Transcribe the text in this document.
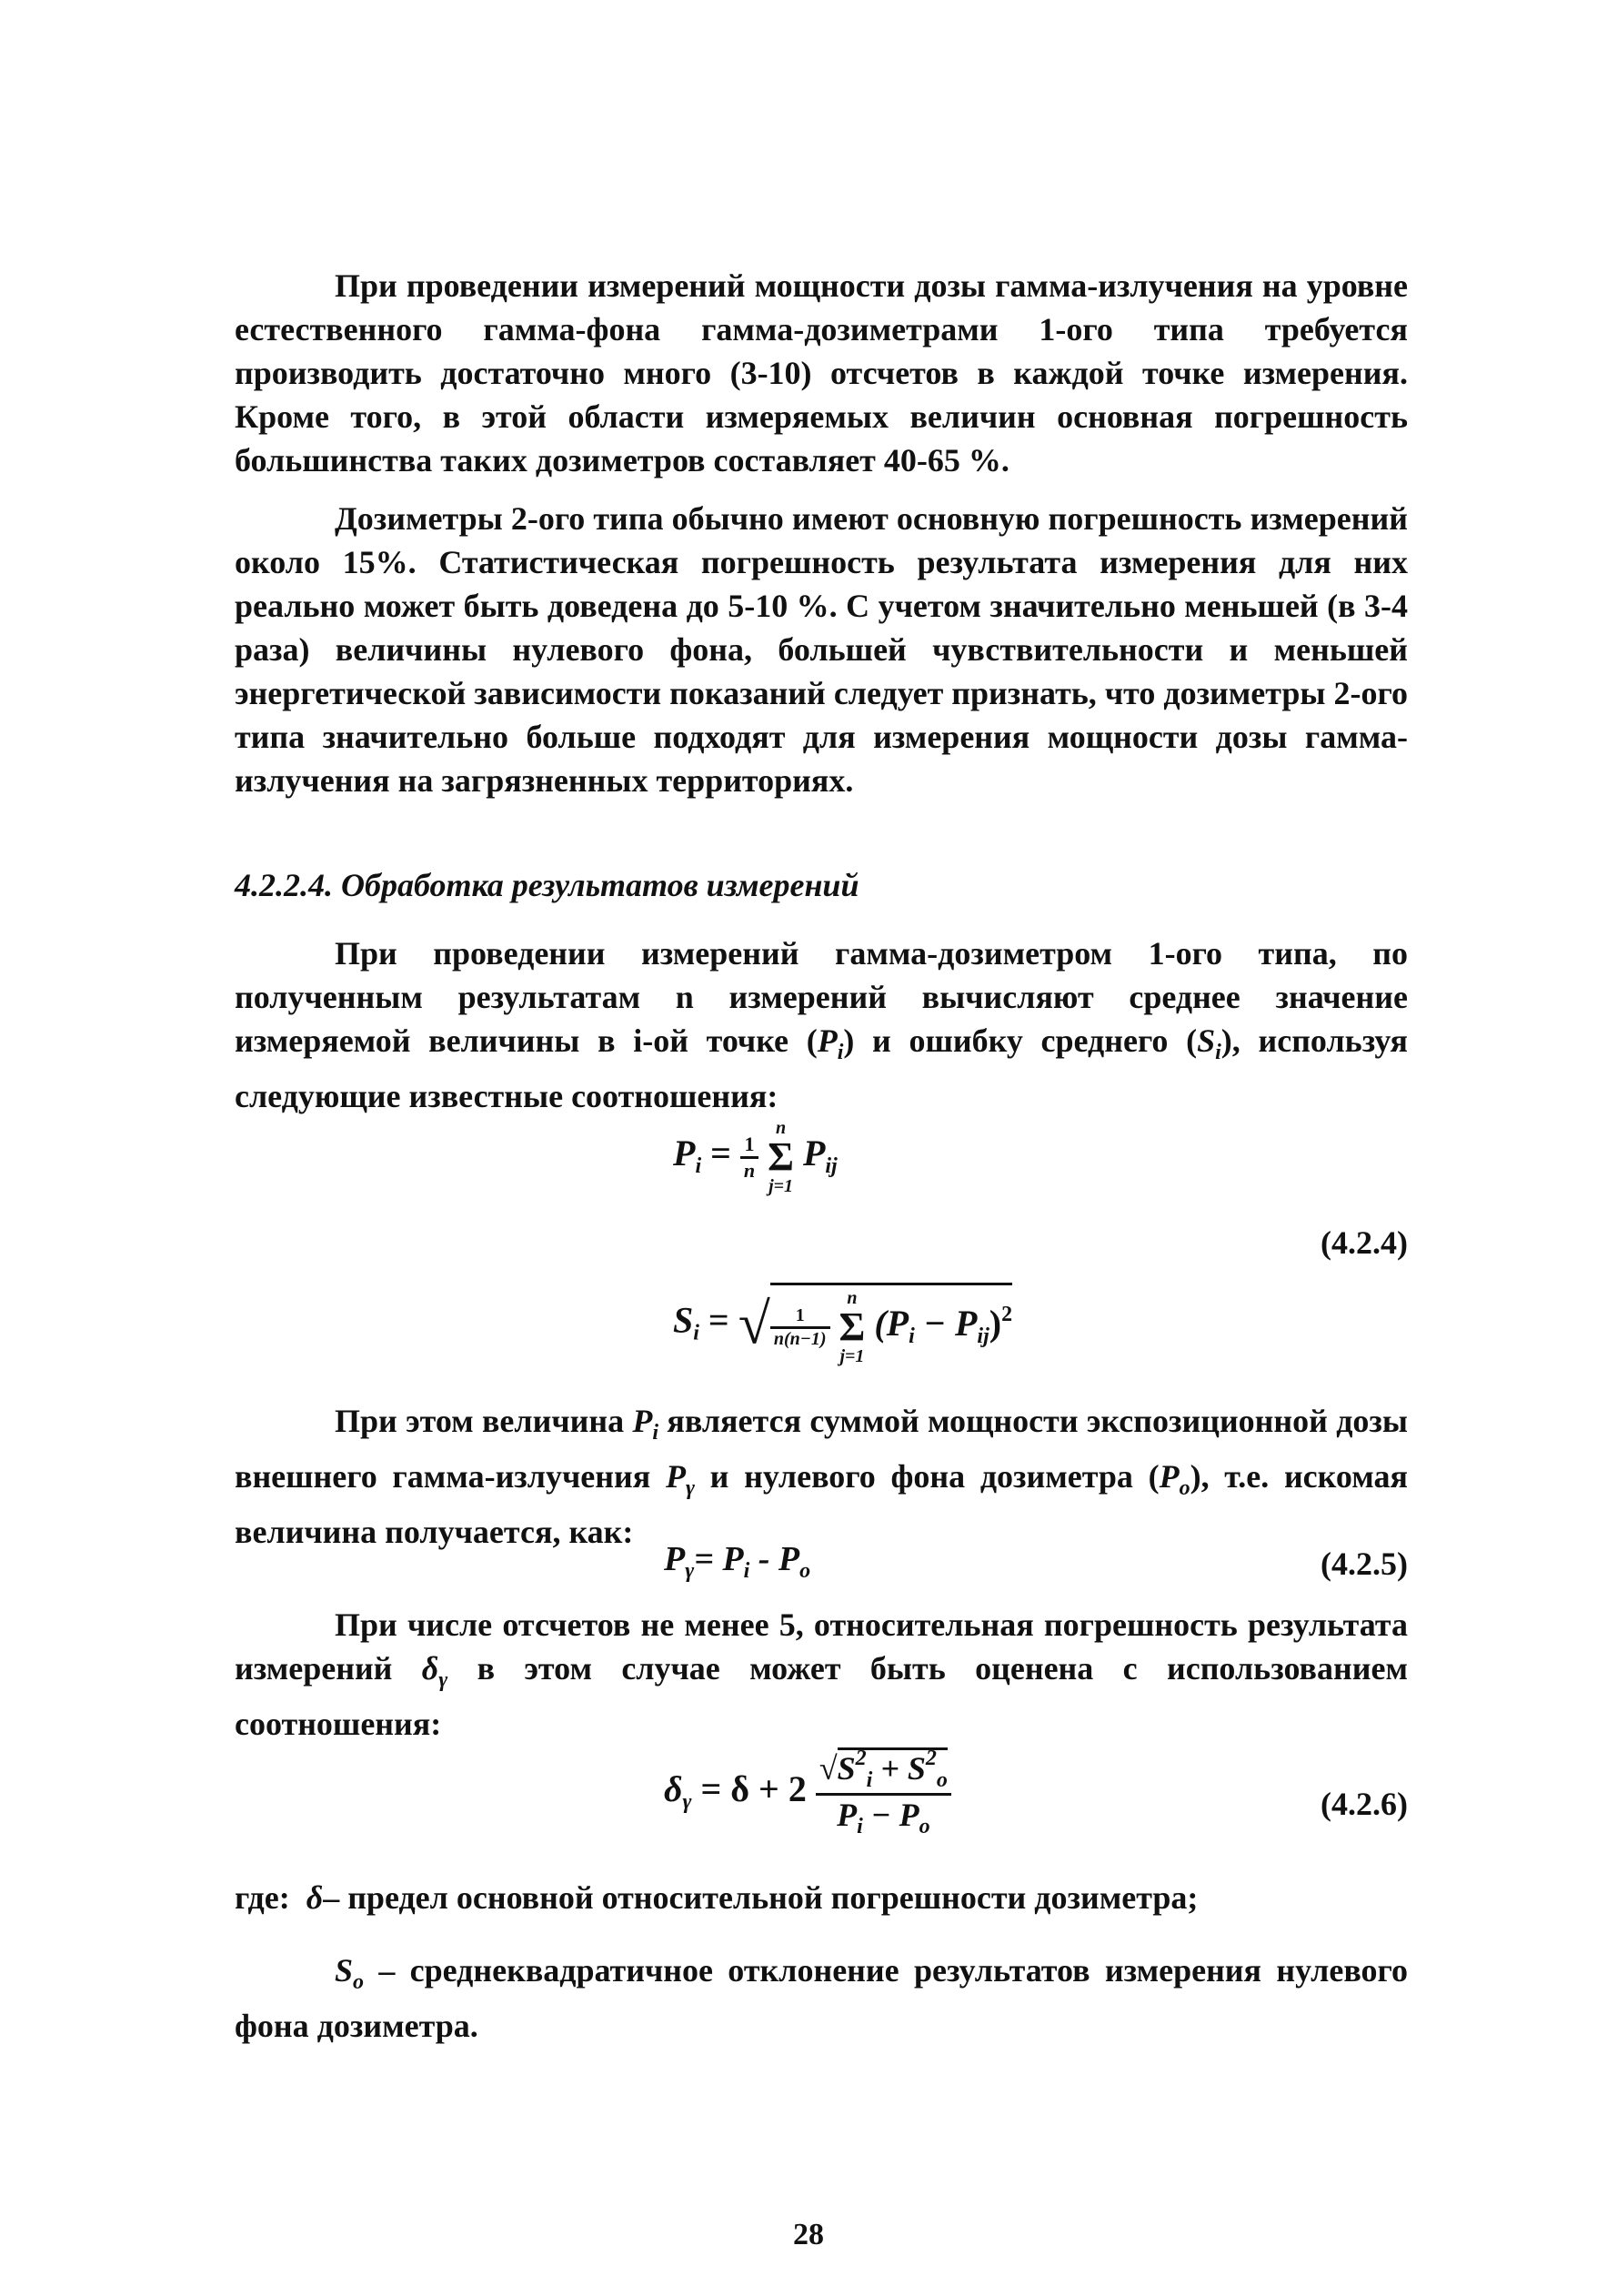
При проведении измерений мощности дозы гамма-излучения на уровне естественного гамма-фона гамма-дозиметрами 1-ого типа требуется производить достаточно много (3-10) отсчетов в каждой точке измерения. Кроме того, в этой области измеряемых величин основная погрешность большинства таких дозиметров составляет 40-65 %.

Дозиметры 2-ого типа обычно имеют основную погрешность измерений около 15%. Статистическая погрешность результата измерения для них реально может быть доведена до 5-10 %. С учетом значительно меньшей (в 3-4 раза) величины нулевого фона, большей чувствительности и меньшей энергетической зависимости показаний следует признать, что дозиметры 2-ого типа значительно больше подходят для измерения мощности дозы гамма-излучения на загрязненных территориях.

4.2.2.4. Обработка результатов измерений

При проведении измерений гамма-дозиметром 1-ого типа, по полученным результатам n измерений вычисляют среднее значение измеряемой величины в i-ой точке $(P_i)$ и ошибку среднего $(S_i)$, используя следующие известные соотношения:

$P_i = \frac{1}{n}$

n
Σ
j=1
$P_{ij}$
(4.2.4)
$S_i$ = √ $\frac{1}{n(n-1)}$

n
Σ
j=1
$(P_i - P_{ij})^2$

При этом величина $P_i$ является суммой мощности экспозиционной дозы внешнего гамма-излучения $P_\gamma$ и нулевого фона дозиметра $(P_o)$, т.е. искомая величина получается, как:

$P_\gamma= P_i - P_o$	(4.2.5)

При числе отсчетов не менее 5, относительная погрешность результата измерений $\delta_\gamma$ в этом случае может быть оценена с использованием соотношения:

$\delta_\gamma = \delta + 2 \frac{√S^2_i + S^2_o}{P_i - P_o}$	(4.2.6)

где: δ– предел основной относительной погрешности дозиметра;

$S_o$ – среднеквадратичное отклонение результатов измерения нулевого фона дозиметра.

28
